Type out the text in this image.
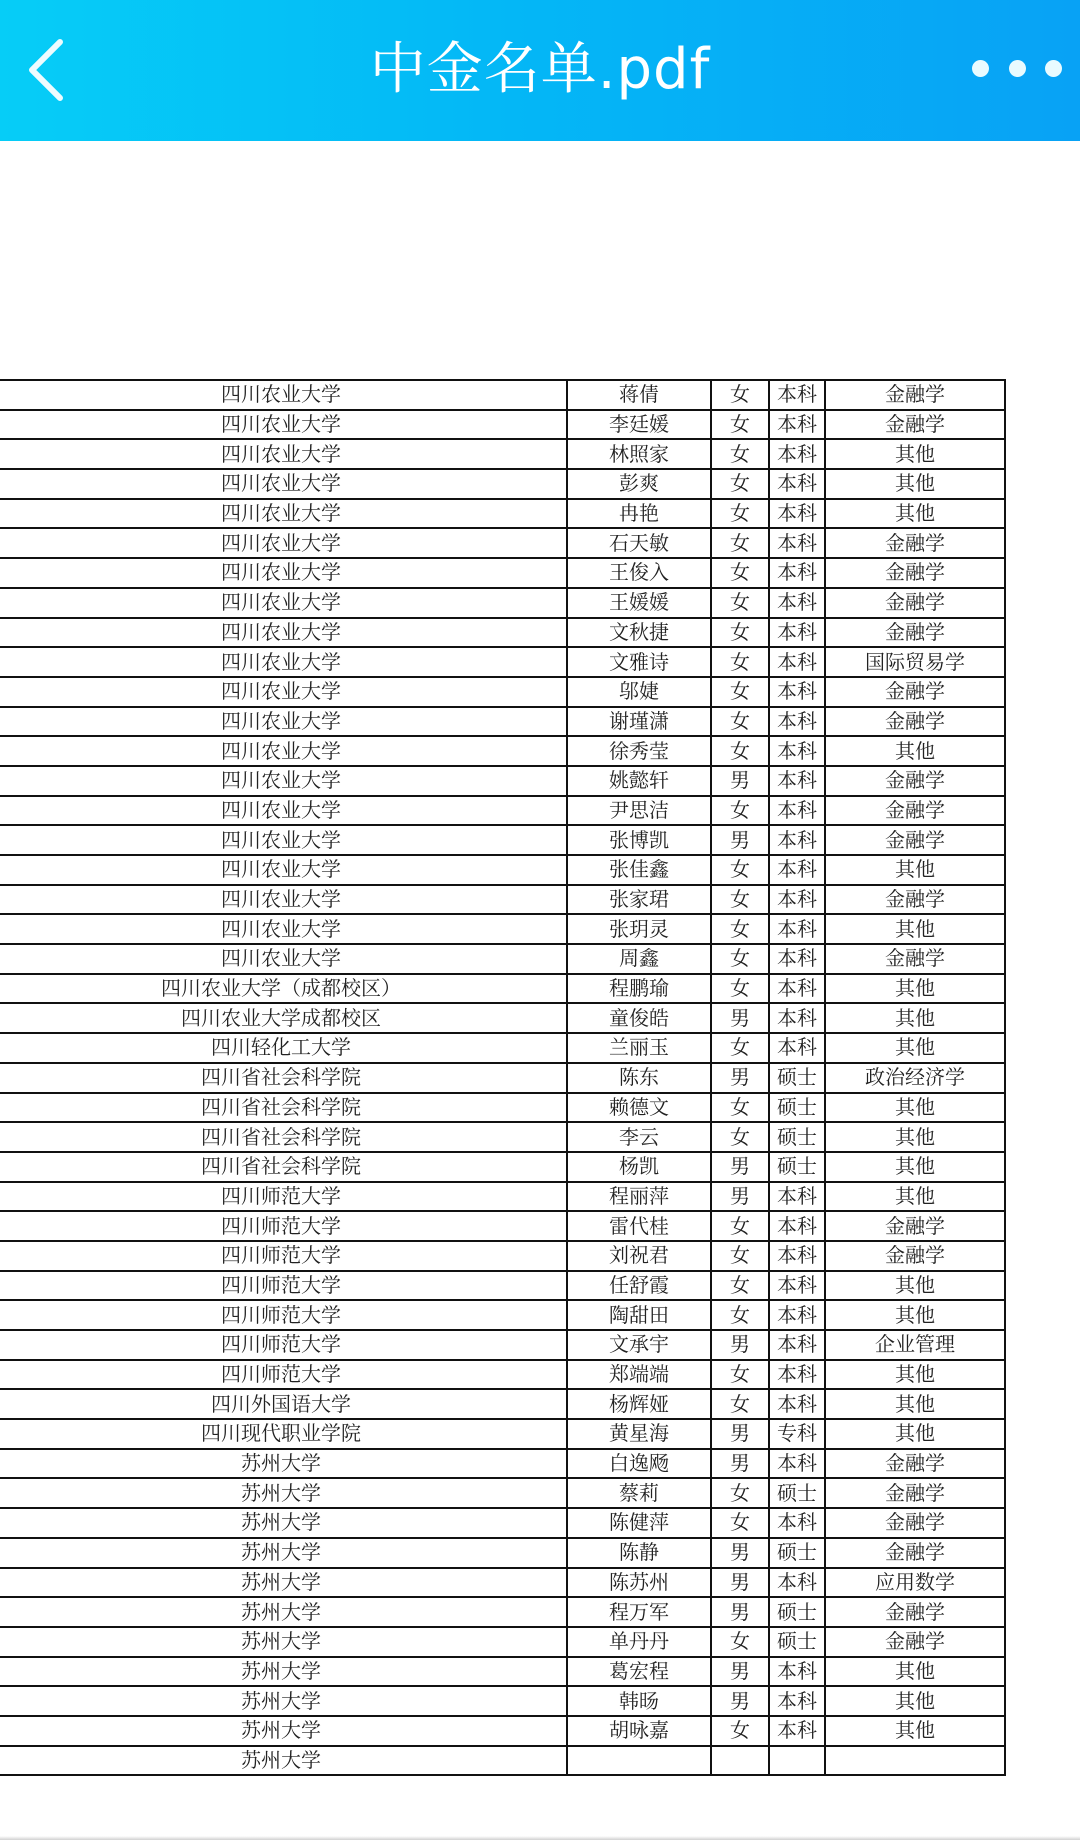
中金名单.pdf
四川农业大学	蒋倩	女	本科	金融学
四川农业大学	李廷媛	女	本科	金融学
四川农业大学	林照家	女	本科	其他
四川农业大学	彭爽	女	本科	其他
四川农业大学	冉艳	女	本科	其他
四川农业大学	石天敏	女	本科	金融学
四川农业大学	王俊入	女	本科	金融学
四川农业大学	王媛媛	女	本科	金融学
四川农业大学	文秋捷	女	本科	金融学
四川农业大学	文雅诗	女	本科	国际贸易学
四川农业大学	邬婕	女	本科	金融学
四川农业大学	谢瑾潇	女	本科	金融学
四川农业大学	徐秀莹	女	本科	其他
四川农业大学	姚懿轩	男	本科	金融学
四川农业大学	尹思洁	女	本科	金融学
四川农业大学	张博凯	男	本科	金融学
四川农业大学	张佳鑫	女	本科	其他
四川农业大学	张家珺	女	本科	金融学
四川农业大学	张玥灵	女	本科	其他
四川农业大学	周鑫	女	本科	金融学
四川农业大学（成都校区）	程鹏瑜	女	本科	其他
四川农业大学成都校区	童俊皓	男	本科	其他
四川轻化工大学	兰丽玉	女	本科	其他
四川省社会科学院	陈东	男	硕士	政治经济学
四川省社会科学院	赖德文	女	硕士	其他
四川省社会科学院	李云	女	硕士	其他
四川省社会科学院	杨凯	男	硕士	其他
四川师范大学	程丽萍	男	本科	其他
四川师范大学	雷代桂	女	本科	金融学
四川师范大学	刘祝君	女	本科	金融学
四川师范大学	任舒霞	女	本科	其他
四川师范大学	陶甜田	女	本科	其他
四川师范大学	文承宇	男	本科	企业管理
四川师范大学	郑端端	女	本科	其他
四川外国语大学	杨辉娅	女	本科	其他
四川现代职业学院	黄星海	男	专科	其他
苏州大学	白逸飏	男	本科	金融学
苏州大学	蔡莉	女	硕士	金融学
苏州大学	陈健萍	女	本科	金融学
苏州大学	陈静	男	硕士	金融学
苏州大学	陈苏州	男	本科	应用数学
苏州大学	程万军	男	硕士	金融学
苏州大学	单丹丹	女	硕士	金融学
苏州大学	葛宏程	男	本科	其他
苏州大学	韩旸	男	本科	其他
苏州大学	胡咏嘉	女	本科	其他
苏州大学				
